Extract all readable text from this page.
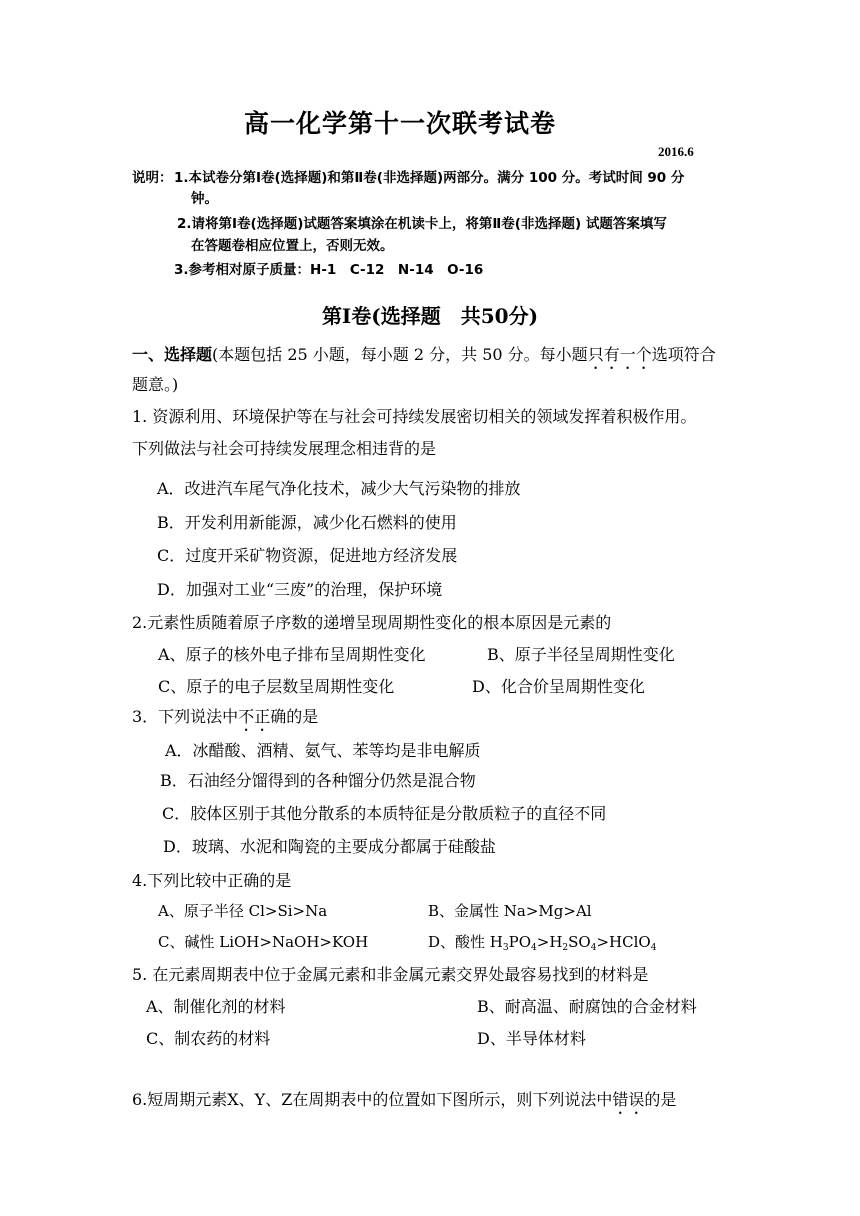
高一化学第十一次联考试卷
2016.6
说明： 1.本试卷分第Ⅰ卷(选择题)和第Ⅱ卷(非选择题)两部分。满分 100 分。考试时间 90 分
钟。
2.请将第Ⅰ卷(选择题)试题答案填涂在机读卡上，将第Ⅱ卷(非选择题) 试题答案填写
在答题卷相应位置上，否则无效。
3.参考相对原子质量：H-1　C-12　N-14　O-16
第Ⅰ卷(选择题　共50分)
一、选择题(本题包括 25 小题，每小题 2 分，共 50 分。每小题只有一个选项符合
题意。)
1. 资源利用、环境保护等在与社会可持续发展密切相关的领域发挥着积极作用。
下列做法与社会可持续发展理念相违背的是
A．改进汽车尾气净化技术，减少大气污染物的排放
B．开发利用新能源，减少化石燃料的使用
C．过度开采矿物资源，促进地方经济发展
D．加强对工业“三废”的治理，保护环境
2.元素性质随着原子序数的递增呈现周期性变化的根本原因是元素的
A、原子的核外电子排布呈周期性变化	B、原子半径呈周期性变化
C、原子的电子层数呈周期性变化	D、化合价呈周期性变化
3．下列说法中不正确的是
A．冰醋酸、酒精、氨气、苯等均是非电解质
B．石油经分馏得到的各种馏分仍然是混合物
C．胶体区别于其他分散系的本质特征是分散质粒子的直径不同
D．玻璃、水泥和陶瓷的主要成分都属于硅酸盐
4.下列比较中正确的是
A、原子半径 Cl>Si>Na	B、金属性 Na>Mg>Al
C、碱性 LiOH>NaOH>KOH	D、酸性 $H_3PO_4>H_2SO_4>HClO_4$
5. 在元素周期表中位于金属元素和非金属元素交界处最容易找到的材料是
A、制催化剂的材料	B、耐高温、耐腐蚀的合金材料
C、制农药的材料	D、半导体材料
6.短周期元素X、Y、Z在周期表中的位置如下图所示，则下列说法中错误的是
